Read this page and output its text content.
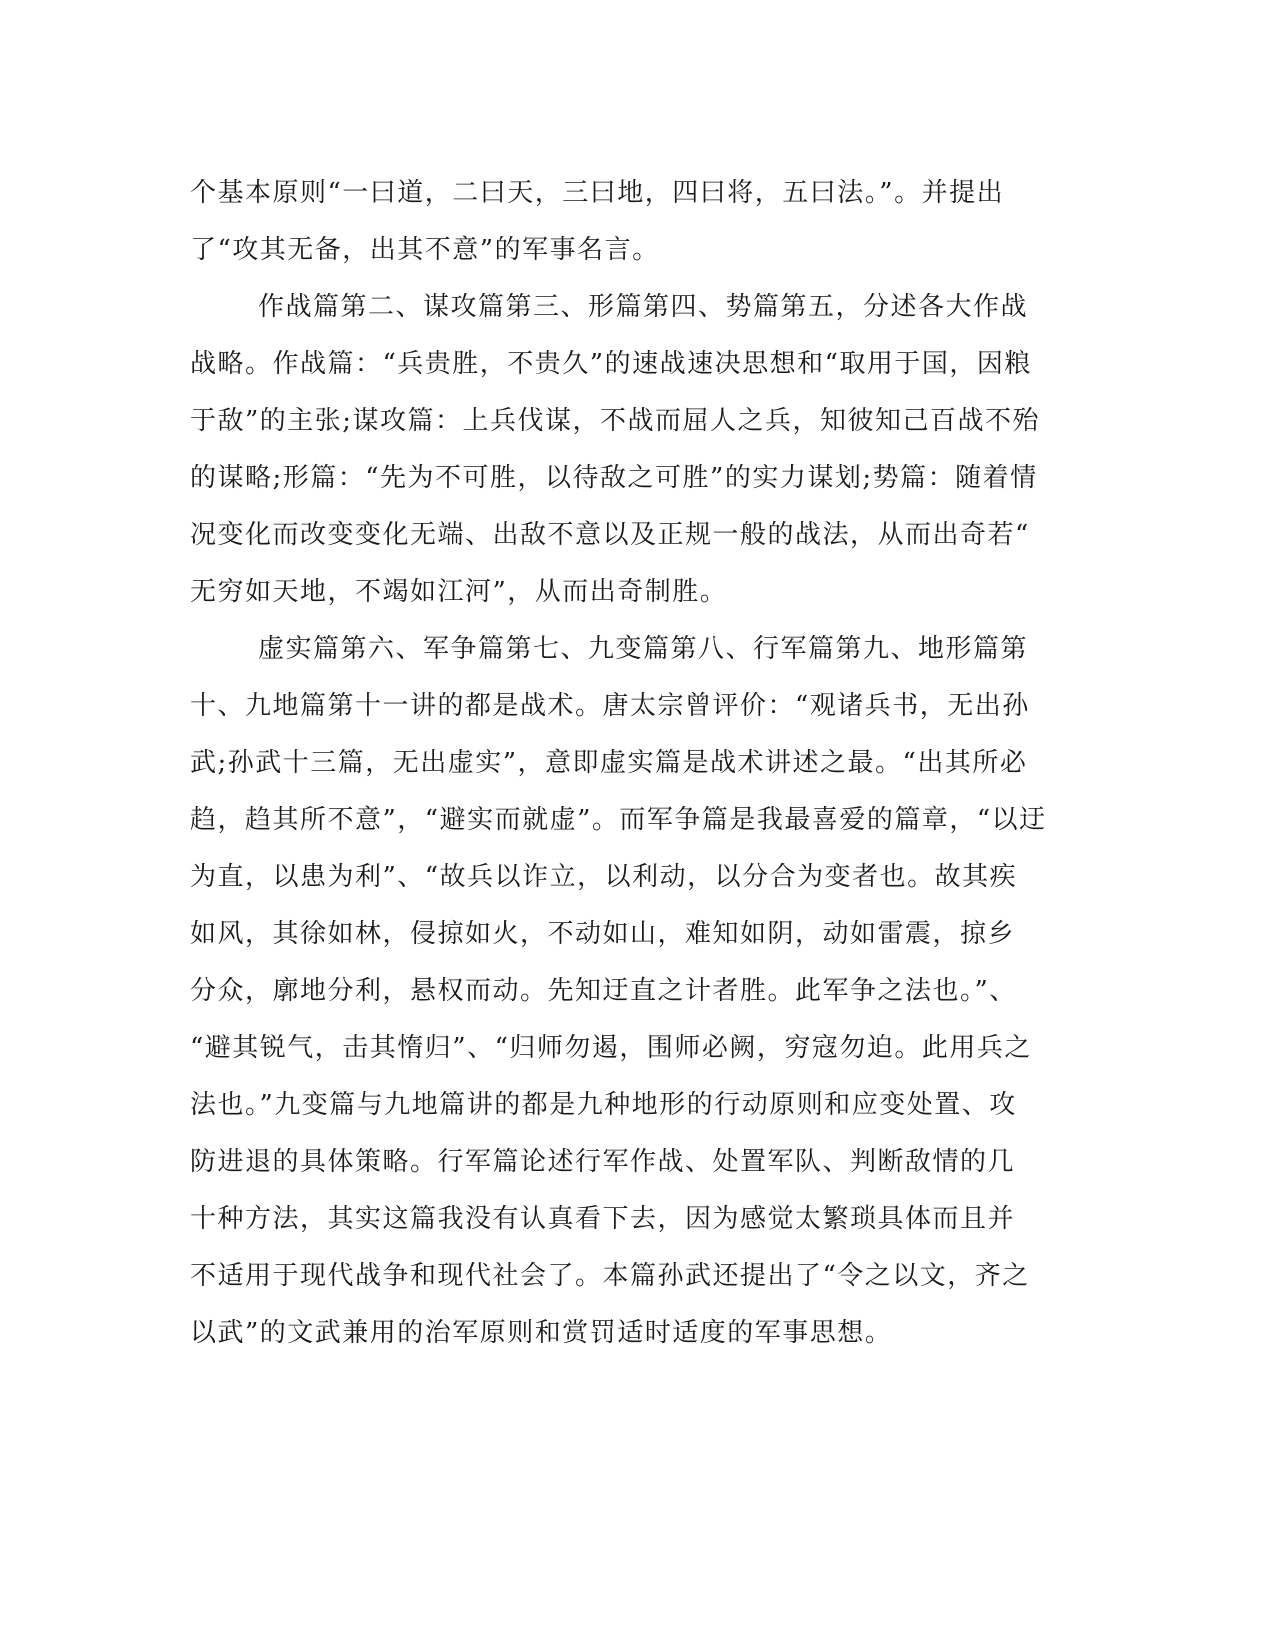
个基本原则“一曰道，二曰天，三曰地，四曰将，五曰法。”。并提出
了“攻其无备，出其不意”的军事名言。
作战篇第二、谋攻篇第三、形篇第四、势篇第五，分述各大作战
战略。作战篇：“兵贵胜，不贵久”的速战速决思想和“取用于国，因粮
于敌”的主张;谋攻篇：上兵伐谋，不战而屈人之兵，知彼知己百战不殆
的谋略;形篇：“先为不可胜，以待敌之可胜”的实力谋划;势篇：随着情
况变化而改变变化无端、出敌不意以及正规一般的战法，从而出奇若“
无穷如天地，不竭如江河”，从而出奇制胜。
虚实篇第六、军争篇第七、九变篇第八、行军篇第九、地形篇第
十、九地篇第十一讲的都是战术。唐太宗曾评价：“观诸兵书，无出孙
武;孙武十三篇，无出虚实”，意即虚实篇是战术讲述之最。“出其所必
趋，趋其所不意”，“避实而就虚”。而军争篇是我最喜爱的篇章，“以迂
为直，以患为利”、“故兵以诈立，以利动，以分合为变者也。故其疾
如风，其徐如林，侵掠如火，不动如山，难知如阴，动如雷震，掠乡
分众，廓地分利，悬权而动。先知迂直之计者胜。此军争之法也。”、
“避其锐气，击其惰归”、“归师勿遏，围师必阙，穷寇勿迫。此用兵之
法也。”九变篇与九地篇讲的都是九种地形的行动原则和应变处置、攻
防进退的具体策略。行军篇论述行军作战、处置军队、判断敌情的几
十种方法，其实这篇我没有认真看下去，因为感觉太繁琐具体而且并
不适用于现代战争和现代社会了。本篇孙武还提出了“令之以文，齐之
以武”的文武兼用的治军原则和赏罚适时适度的军事思想。
